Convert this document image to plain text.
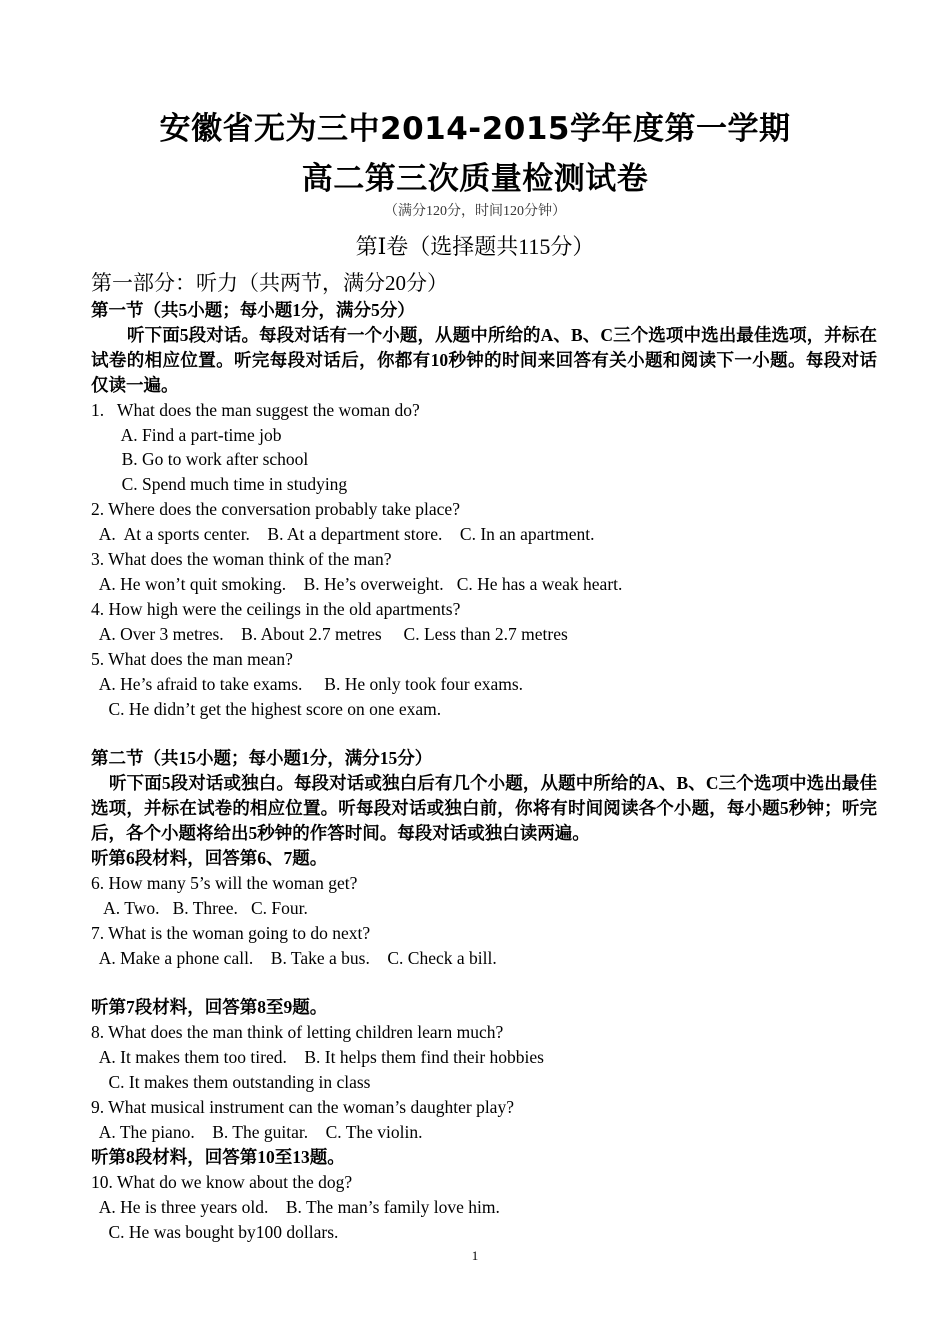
安徽省无为三中2014-2015学年度第一学期
高二第三次质量检测试卷
（满分120分，时间120分钟）
第Ⅰ卷（选择题共115分）
第一部分：听力（共两节，满分20分）
第一节（共5小题；每小题1分，满分5分）
听下面5段对话。每段对话有一个小题，从题中所给的A、B、C三个选项中选出最佳选项，并标在试卷的相应位置。听完每段对话后，你都有10秒钟的时间来回答有关小题和阅读下一小题。每段对话仅读一遍。
1.   What does the man suggest the woman do?
A. Find a part-time job
B. Go to work after school
C. Spend much time in studying
2. Where does the conversation probably take place?
A.  At a sports center.    B. At a department store.    C. In an apartment.
3. What does the woman think of the man?
A. He won’t quit smoking.    B. He’s overweight.   C. He has a weak heart.
4. How high were the ceilings in the old apartments?
A. Over 3 metres.    B. About 2.7 metres     C. Less than 2.7 metres
5. What does the man mean?
A. He’s afraid to take exams.     B. He only took four exams.
C. He didn’t get the highest score on one exam.
第二节（共15小题；每小题1分，满分15分）
听下面5段对话或独白。每段对话或独白后有几个小题，从题中所给的A、B、C三个选项中选出最佳选项，并标在试卷的相应位置。听每段对话或独白前，你将有时间阅读各个小题，每小题5秒钟；听完后，各个小题将给出5秒钟的作答时间。每段对话或独白读两遍。
听第6段材料，回答第6、7题。
6. How many 5’s will the woman get?
A. Two.   B. Three.   C. Four.
7. What is the woman going to do next?
A. Make a phone call.    B. Take a bus.    C. Check a bill.
听第7段材料，回答第8至9题。
8. What does the man think of letting children learn much?
A. It makes them too tired.    B. It helps them find their hobbies
C. It makes them outstanding in class
9. What musical instrument can the woman’s daughter play?
A. The piano.    B. The guitar.    C. The violin.
听第8段材料，回答第10至13题。
10. What do we know about the dog?
A. He is three years old.    B. The man’s family love him.
C. He was bought by100 dollars.
1
